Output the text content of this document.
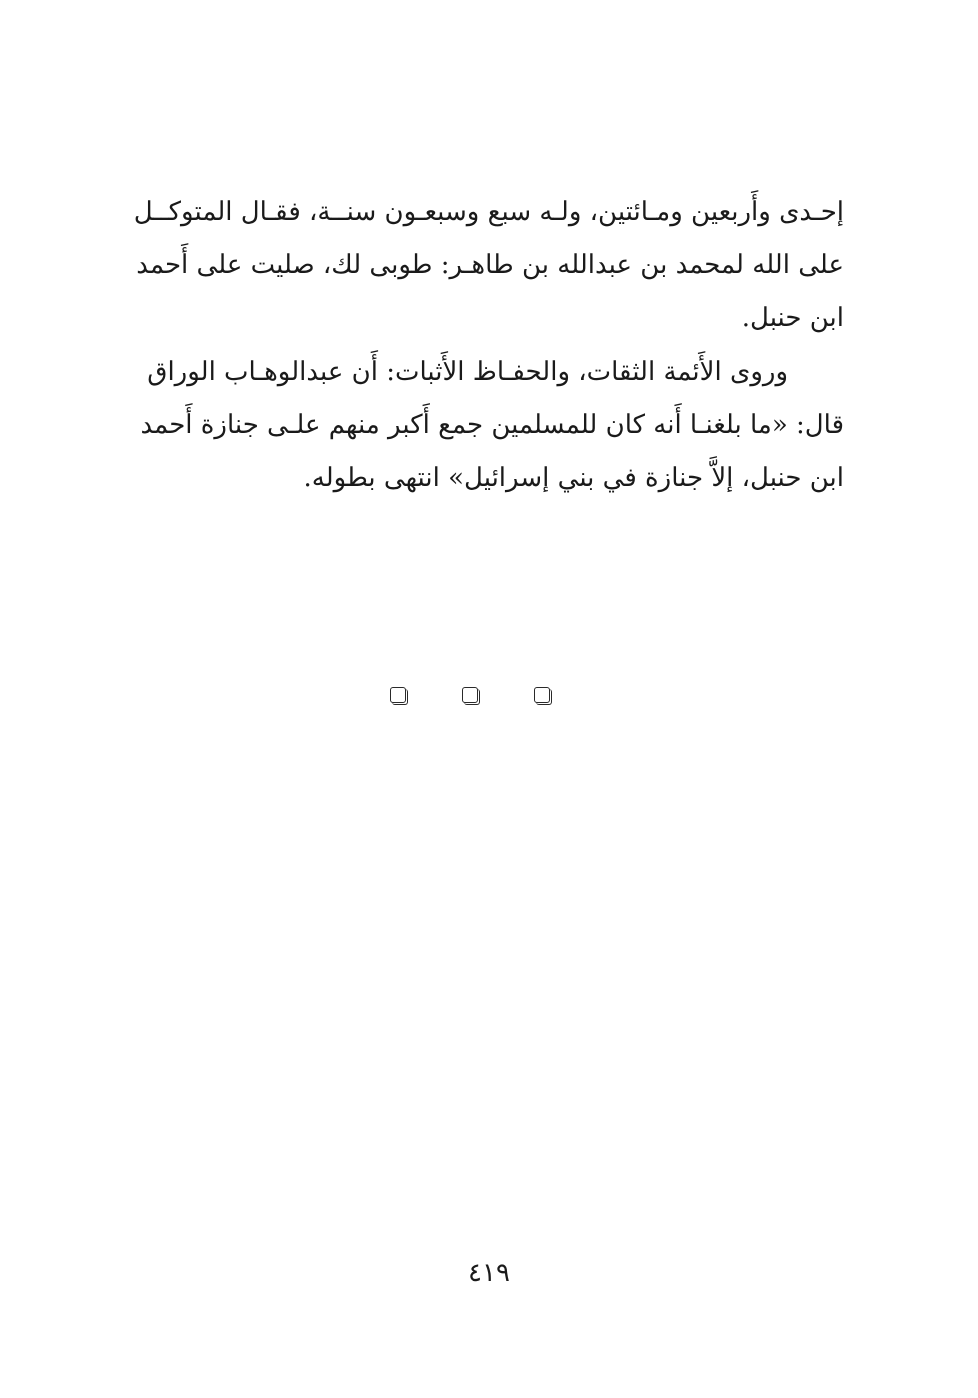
إحـدى وأَربعين ومـائتين، ولـه سبع وسبعـون سنــة، فقـال المتوكــل
على الله لمحمد بن عبدالله بن طاهـر: طوبى لك، صليت على أَحمد
ابن حنبل.
وروى الأَئمة الثقات، والحفـاظ الأَثبات: أَن عبدالوهـاب الوراق
قال: «ما بلغنـا أَنه كان للمسلمين جمع أَكبر منهم علـى جنازة أَحمد
ابن حنبل، إلاَّ جنازة في بني إسرائيل» انتهى بطوله.
٤١٩
